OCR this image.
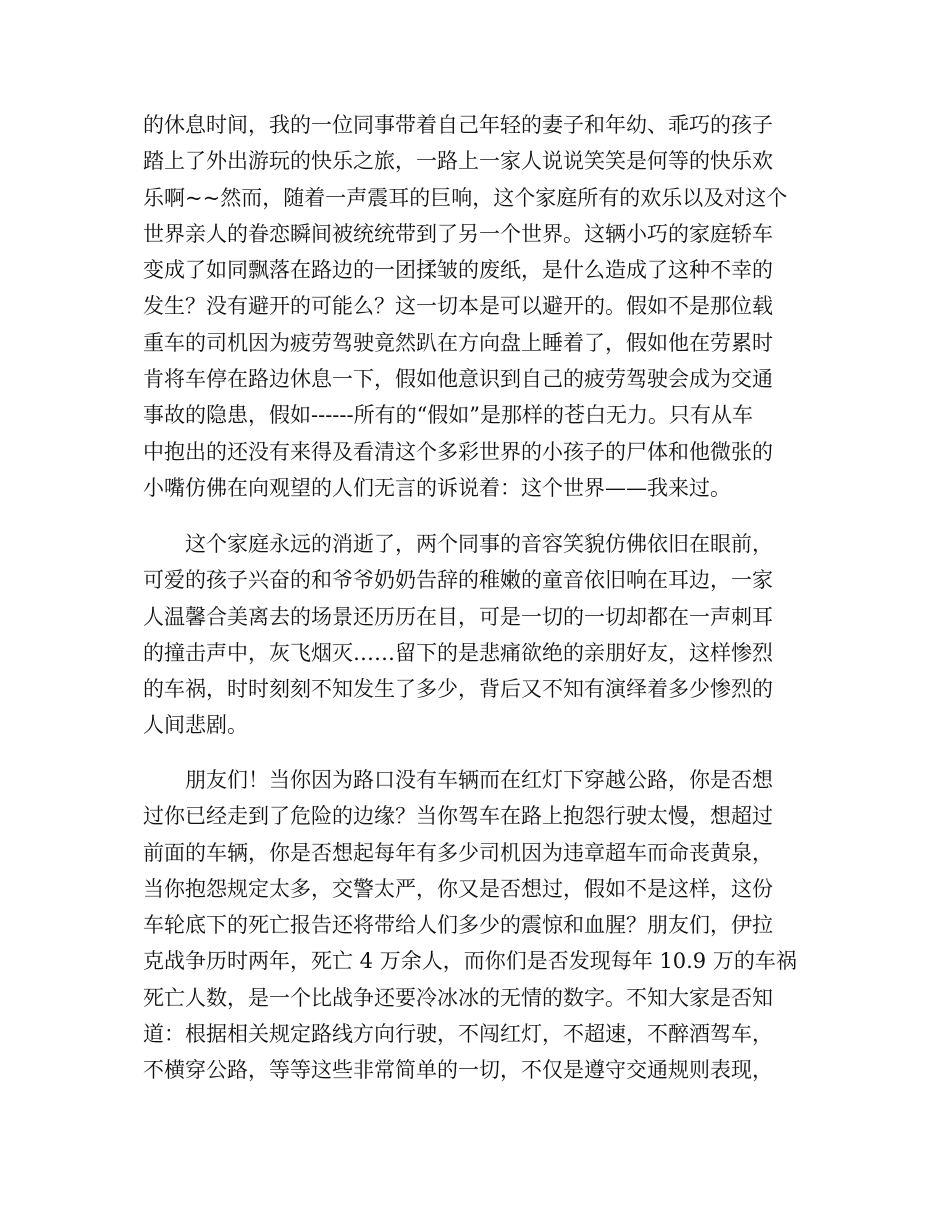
的休息时间，我的一位同事带着自己年轻的妻子和年幼、乖巧的孩子
踏上了外出游玩的快乐之旅，一路上一家人说说笑笑是何等的快乐欢
乐啊~~然而，随着一声震耳的巨响，这个家庭所有的欢乐以及对这个
世界亲人的眷恋瞬间被统统带到了另一个世界。这辆小巧的家庭轿车
变成了如同飘落在路边的一团揉皱的废纸，是什么造成了这种不幸的
发生？没有避开的可能么？这一切本是可以避开的。假如不是那位载
重车的司机因为疲劳驾驶竟然趴在方向盘上睡着了，假如他在劳累时
肯将车停在路边休息一下，假如他意识到自己的疲劳驾驶会成为交通
事故的隐患，假如------所有的“假如”是那样的苍白无力。只有从车
中抱出的还没有来得及看清这个多彩世界的小孩子的尸体和他微张的
小嘴仿佛在向观望的人们无言的诉说着：这个世界——我来过。
这个家庭永远的消逝了，两个同事的音容笑貌仿佛依旧在眼前，
可爱的孩子兴奋的和爷爷奶奶告辞的稚嫩的童音依旧响在耳边，一家
人温馨合美离去的场景还历历在目，可是一切的一切却都在一声刺耳
的撞击声中，灰飞烟灭……留下的是悲痛欲绝的亲朋好友，这样惨烈
的车祸，时时刻刻不知发生了多少，背后又不知有演绎着多少惨烈的
人间悲剧。
朋友们！当你因为路口没有车辆而在红灯下穿越公路，你是否想
过你已经走到了危险的边缘？当你驾车在路上抱怨行驶太慢，想超过
前面的车辆，你是否想起每年有多少司机因为违章超车而命丧黄泉，
当你抱怨规定太多，交警太严，你又是否想过，假如不是这样，这份
车轮底下的死亡报告还将带给人们多少的震惊和血腥？朋友们，伊拉
克战争历时两年，死亡 4 万余人，而你们是否发现每年 10.9 万的车祸
死亡人数，是一个比战争还要冷冰冰的无情的数字。不知大家是否知
道：根据相关规定路线方向行驶，不闯红灯，不超速，不醉酒驾车，
不横穿公路，等等这些非常简单的一切，不仅是遵守交通规则表现，
